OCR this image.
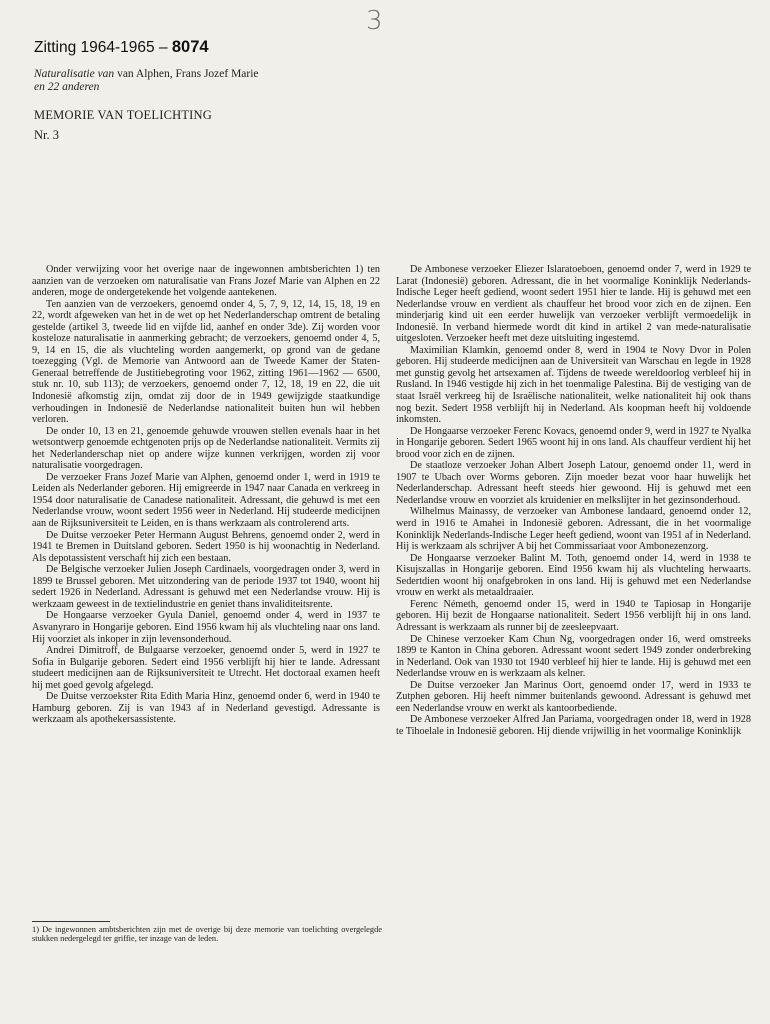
3
Zitting 1964-1965 – 8074
Naturalisatie van van Alphen, Frans Jozef Marie
en 22 anderen
MEMORIE VAN TOELICHTING
Nr. 3

Onder verwijzing voor het overige naar de ingewonnen ambtsberichten 1) ten aanzien van de verzoeken om naturalisatie van Frans Jozef Marie van Alphen en 22 anderen, moge de ondergetekende het volgende aantekenen.

Ten aanzien van de verzoekers, genoemd onder 4, 5, 7, 9, 12, 14, 15, 18, 19 en 22, wordt afgeweken van het in de wet op het Nederlanderschap omtrent de betaling gestelde (artikel 3, tweede lid en vijfde lid, aanhef en onder 3de). Zij worden voor kosteloze naturalisatie in aanmerking gebracht; de verzoekers, genoemd onder 4, 5, 9, 14 en 15, die als vluchteling worden aangemerkt, op grond van de gedane toezegging (Vgl. de Memorie van Antwoord aan de Tweede Kamer der Staten-Generaal betreffende de Justitiebegroting voor 1962, zitting 1961—1962 — 6500, stuk nr. 10, sub 113); de verzoekers, genoemd onder 7, 12, 18, 19 en 22, die uit Indonesië afkomstig zijn, omdat zij door de in 1949 gewijzigde staatkundige verhoudingen in Indonesië de Nederlandse nationaliteit buiten hun wil hebben verloren.

De onder 10, 13 en 21, genoemde gehuwde vrouwen stellen evenals haar in het wetsontwerp genoemde echtgenoten prijs op de Nederlandse nationaliteit. Vermits zij het Nederlanderschap niet op andere wijze kunnen verkrijgen, worden zij voor naturalisatie voorgedragen.

De verzoeker Frans Jozef Marie van Alphen, genoemd onder 1, werd in 1919 te Leiden als Nederlander geboren. Hij emigreerde in 1947 naar Canada en verkreeg in 1954 door naturalisatie de Canadese nationaliteit. Adressant, die gehuwd is met een Nederlandse vrouw, woont sedert 1956 weer in Nederland. Hij studeerde medicijnen aan de Rijksuniversiteit te Leiden, en is thans werkzaam als controlerend arts.

De Duitse verzoeker Peter Hermann August Behrens, genoemd onder 2, werd in 1941 te Bremen in Duitsland geboren. Sedert 1950 is hij woonachtig in Nederland. Als depotassistent verschaft hij zich een bestaan.

De Belgische verzoeker Julien Joseph Cardinaels, voorgedragen onder 3, werd in 1899 te Brussel geboren. Met uitzondering van de periode 1937 tot 1940, woont hij sedert 1926 in Nederland. Adressant is gehuwd met een Nederlandse vrouw. Hij is werkzaam geweest in de textielindustrie en geniet thans invaliditeitsrente.

De Hongaarse verzoeker Gyula Daniel, genoemd onder 4, werd in 1937 te Asvanyraro in Hongarije geboren. Eind 1956 kwam hij als vluchteling naar ons land. Hij voorziet als inkoper in zijn levensonderhoud.

Andrei Dimitroff, de Bulgaarse verzoeker, genoemd onder 5, werd in 1927 te Sofia in Bulgarije geboren. Sedert eind 1956 verblijft hij hier te lande. Adressant studeert medicijnen aan de Rijksuniversiteit te Utrecht. Het doctoraal examen heeft hij met goed gevolg afgelegd.

De Duitse verzoekster Rita Edith Maria Hinz, genoemd onder 6, werd in 1940 te Hamburg geboren. Zij is van 1943 af in Nederland gevestigd. Adressante is werkzaam als apothekersassistente.

1) De ingewonnen ambtsberichten zijn met de overige bij deze memorie van toelichting overgelegde stukken nedergelegd ter griffie, ter inzage van de leden.

De Ambonese verzoeker Eliezer Islaratoeboen, genoemd onder 7, werd in 1929 te Larat (Indonesië) geboren. Adressant, die in het voormalige Koninklijk Nederlands-Indische Leger heeft gediend, woont sedert 1951 hier te lande. Hij is gehuwd met een Nederlandse vrouw en verdient als chauffeur het brood voor zich en de zijnen. Een minderjarig kind uit een eerder huwelijk van verzoeker verblijft vermoedelijk in Indonesië. In verband hiermede wordt dit kind in artikel 2 van mede-naturalisatie uitgesloten. Verzoeker heeft met deze uitsluiting ingestemd.

Maximilian Klamkin, genoemd onder 8, werd in 1904 te Novy Dvor in Polen geboren. Hij studeerde medicijnen aan de Universiteit van Warschau en legde in 1928 met gunstig gevolg het artsexamen af. Tijdens de tweede wereldoorlog verbleef hij in Rusland. In 1946 vestigde hij zich in het toenmalige Palestina. Bij de vestiging van de staat Israël verkreeg hij de Israëlische nationaliteit, welke nationaliteit hij ook thans nog bezit. Sedert 1958 verblijft hij in Nederland. Als koopman heeft hij voldoende inkomsten.

De Hongaarse verzoeker Ferenc Kovacs, genoemd onder 9, werd in 1927 te Nyalka in Hongarije geboren. Sedert 1965 woont hij in ons land. Als chauffeur verdient hij het brood voor zich en de zijnen.

De staatloze verzoeker Johan Albert Joseph Latour, genoemd onder 11, werd in 1907 te Ubach over Worms geboren. Zijn moeder bezat voor haar huwelijk het Nederlanderschap. Adressant heeft steeds hier gewoond. Hij is gehuwd met een Nederlandse vrouw en voorziet als kruidenier en melkslijter in het gezinsonderhoud.

Wilhelmus Mainassy, de verzoeker van Ambonese landaard, genoemd onder 12, werd in 1916 te Amahei in Indonesië geboren. Adressant, die in het voormalige Koninklijk Nederlands-Indische Leger heeft gediend, woont van 1951 af in Nederland. Hij is werkzaam als schrijver A bij het Commissariaat voor Ambonezenzorg.

De Hongaarse verzoeker Balint M. Toth, genoemd onder 14, werd in 1938 te Kisujszallas in Hongarije geboren. Eind 1956 kwam hij als vluchteling herwaarts. Sedertdien woont hij onafgebroken in ons land. Hij is gehuwd met een Nederlandse vrouw en werkt als metaaldraaier.

Ferenc Németh, genoemd onder 15, werd in 1940 te Tapiosap in Hongarije geboren. Hij bezit de Hongaarse nationaliteit. Sedert 1956 verblijft hij in ons land. Adressant is werkzaam als runner bij de zeesleepvaart.

De Chinese verzoeker Kam Chun Ng, voorgedragen onder 16, werd omstreeks 1899 te Kanton in China geboren. Adressant woont sedert 1949 zonder onderbreking in Nederland. Ook van 1930 tot 1940 verbleef hij hier te lande. Hij is gehuwd met een Nederlandse vrouw en is werkzaam als kelner.

De Duitse verzoeker Jan Marinus Oort, genoemd onder 17, werd in 1933 te Zutphen geboren. Hij heeft nimmer buitenlands gewoond. Adressant is gehuwd met een Nederlandse vrouw en werkt als kantoorbediende.

De Ambonese verzoeker Alfred Jan Pariama, voorgedragen onder 18, werd in 1928 te Tihoelale in Indonesië geboren. Hij diende vrijwillig in het voormalige Koninklijk
